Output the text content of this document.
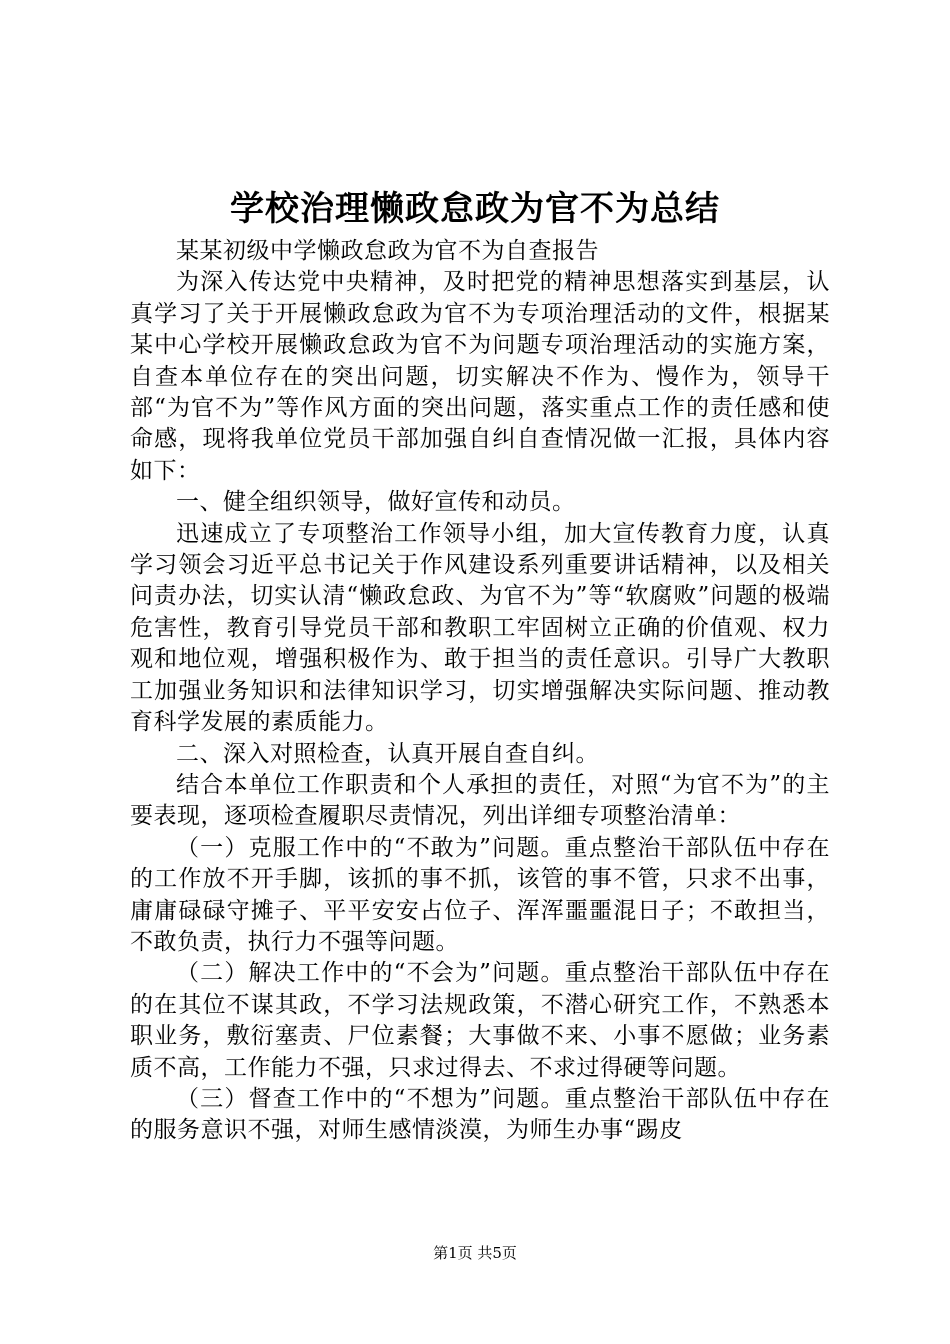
学校治理懒政怠政为官不为总结

某某初级中学懒政怠政为官不为自查报告

为深入传达党中央精神，及时把党的精神思想落实到基层，认真学习了关于开展懒政怠政为官不为专项治理活动的文件，根据某某中心学校开展懒政怠政为官不为问题专项治理活动的实施方案，自查本单位存在的突出问题，切实解决不作为、慢作为，领导干部“为官不为”等作风方面的突出问题，落实重点工作的责任感和使命感，现将我单位党员干部加强自纠自查情况做一汇报，具体内容如下：

一、健全组织领导，做好宣传和动员。

迅速成立了专项整治工作领导小组，加大宣传教育力度，认真学习领会习近平总书记关于作风建设系列重要讲话精神，以及相关问责办法，切实认清“懒政怠政、为官不为”等“软腐败”问题的极端危害性，教育引导党员干部和教职工牢固树立正确的价值观、权力观和地位观，增强积极作为、敢于担当的责任意识。引导广大教职工加强业务知识和法律知识学习，切实增强解决实际问题、推动教育科学发展的素质能力。

二、深入对照检查，认真开展自查自纠。

结合本单位工作职责和个人承担的责任，对照“为官不为”的主要表现，逐项检查履职尽责情况，列出详细专项整治清单：

（一）克服工作中的“不敢为”问题。重点整治干部队伍中存在的工作放不开手脚，该抓的事不抓，该管的事不管，只求不出事，庸庸碌碌守摊子、平平安安占位子、浑浑噩噩混日子；不敢担当，不敢负责，执行力不强等问题。

（二）解决工作中的“不会为”问题。重点整治干部队伍中存在的在其位不谋其政，不学习法规政策，不潜心研究工作，不熟悉本职业务，敷衍塞责、尸位素餐；大事做不来、小事不愿做；业务素质不高，工作能力不强，只求过得去、不求过得硬等问题。

（三）督查工作中的“不想为”问题。重点整治干部队伍中存在的服务意识不强，对师生感情淡漠，为师生办事“踢皮

第1页 共5页
